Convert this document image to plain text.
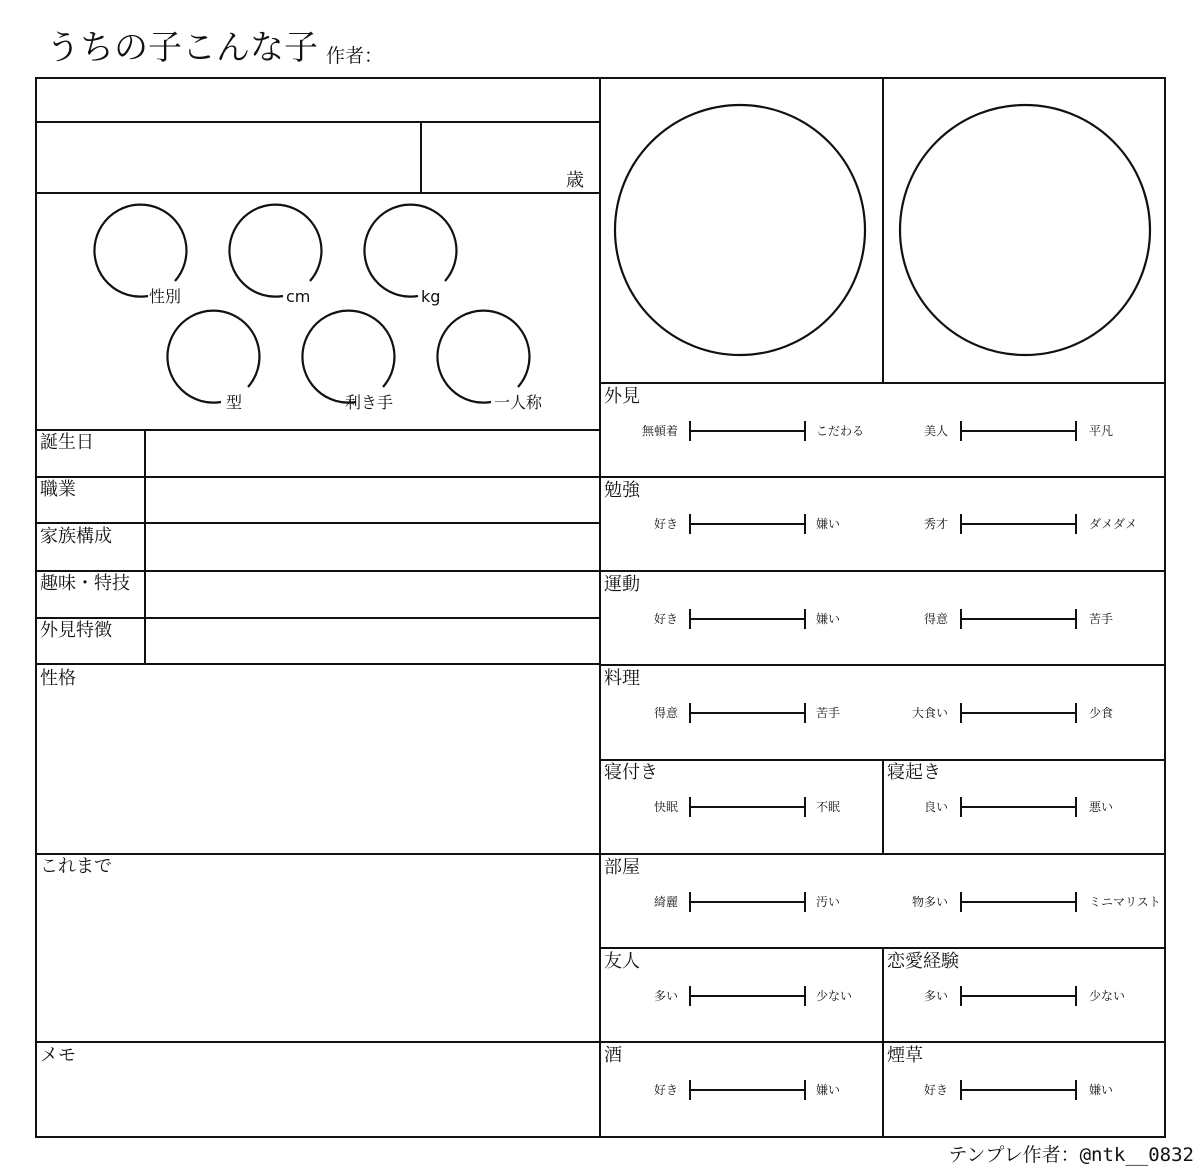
うちの子こんな子 作者：
歳
性別	cm	kg
型	利き手	一人称
誕生日
職業
家族構成
趣味・特技
外見特徴
性格
これまで
メモ
外見
無頓着	こだわる	美人	平凡
勉強
好き	嫌い	秀才	ダメダメ
運動
好き	嫌い	得意	苦手
料理
得意	苦手	大食い	少食
寝付き
快眠	不眠
寝起き
良い	悪い
部屋
綺麗	汚い	物多い	ミニマリスト
友人
多い	少ない
恋愛経験
多い	少ない
酒
好き	嫌い
煙草
好き	嫌い
テンプレ作者：@ntk__0832
